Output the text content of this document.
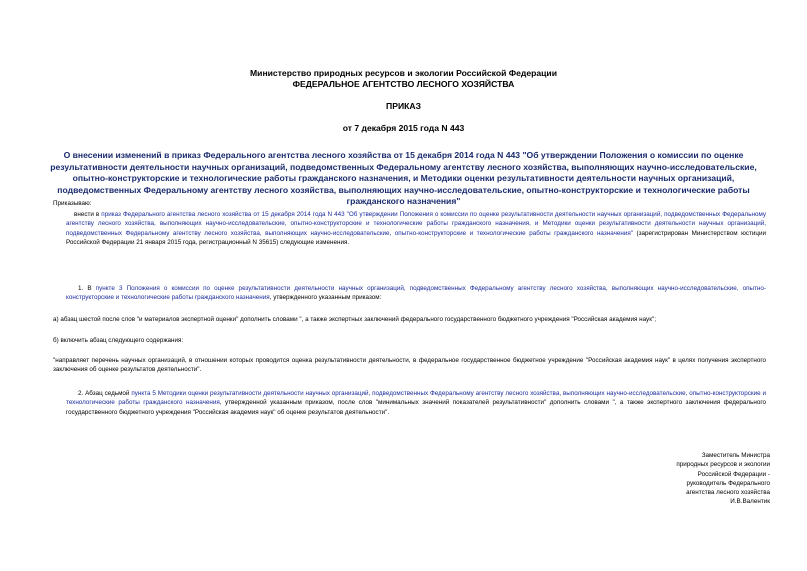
Министерство природных ресурсов и экологии Российской Федерации
ФЕДЕРАЛЬНОЕ АГЕНТСТВО ЛЕСНОГО ХОЗЯЙСТВА
ПРИКАЗ
от 7 декабря 2015 года N 443
О внесении изменений в приказ Федерального агентства лесного хозяйства от 15 декабря 2014 года N 443 "Об утверждении Положения о комиссии по оценке результативности деятельности научных организаций, подведомственных Федеральному агентству лесного хозяйства, выполняющих научно-исследовательские, опытно-конструкторские и технологические работы гражданского назначения, и Методики оценки результативности деятельности научных организаций, подведомственных Федеральному агентству лесного хозяйства, выполняющих научно-исследовательские, опытно-конструкторские и технологические работы гражданского назначения"
Приказываю:
внести в приказ Федерального агентства лесного хозяйства от 15 декабря 2014 года N 443 "Об утверждении Положения о комиссии по оценке результативности деятельности научных организаций, подведомственных Федеральному агентству лесного хозяйства, выполняющих научно-исследовательские, опытно-конструкторские и технологические работы гражданского назначения, и Методики оценки результативности деятельности научных организаций, подведомственных Федеральному агентству лесного хозяйства, выполняющих научно-исследовательские, опытно-конструкторские и технологические работы гражданского назначения" (зарегистрирован Министерством юстиции Российской Федерации 21 января 2015 года, регистрационный N 35615) следующие изменения.
1. В пункте 3 Положения о комиссии по оценке результативности деятельности научных организаций, подведомственных Федеральному агентству лесного хозяйства, выполняющих научно-исследовательские, опытно-конструкторские и технологические работы гражданского назначения, утвержденного указанным приказом:
а) абзац шестой после слов "и материалов экспертной оценки" дополнить словами ", а также экспертных заключений федерального государственного бюджетного учреждения "Российская академия наук";
б) включить абзац следующего содержания:
"направляет перечень научных организаций, в отношении которых проводится оценка результативности деятельности, в федеральное государственное бюджетное учреждение "Российская академия наук" в целях получения экспертного заключения об оценке результатов деятельности".
2. Абзац седьмой пункта 5 Методики оценки результативности деятельности научных организаций, подведомственных Федеральному агентству лесного хозяйства, выполняющих научно-исследовательские, опытно-конструкторские и технологические работы гражданского назначения, утвержденной указанным приказом, после слов "минимальных значений показателей результативности" дополнить словами ", а также экспертного заключения федерального государственного бюджетного учреждения "Российская академия наук" об оценке результатов деятельности".
Заместитель Министра
природных ресурсов и экологии
Российской Федерации -
руководитель Федерального
агентства лесного хозяйства
И.В.Валентик
